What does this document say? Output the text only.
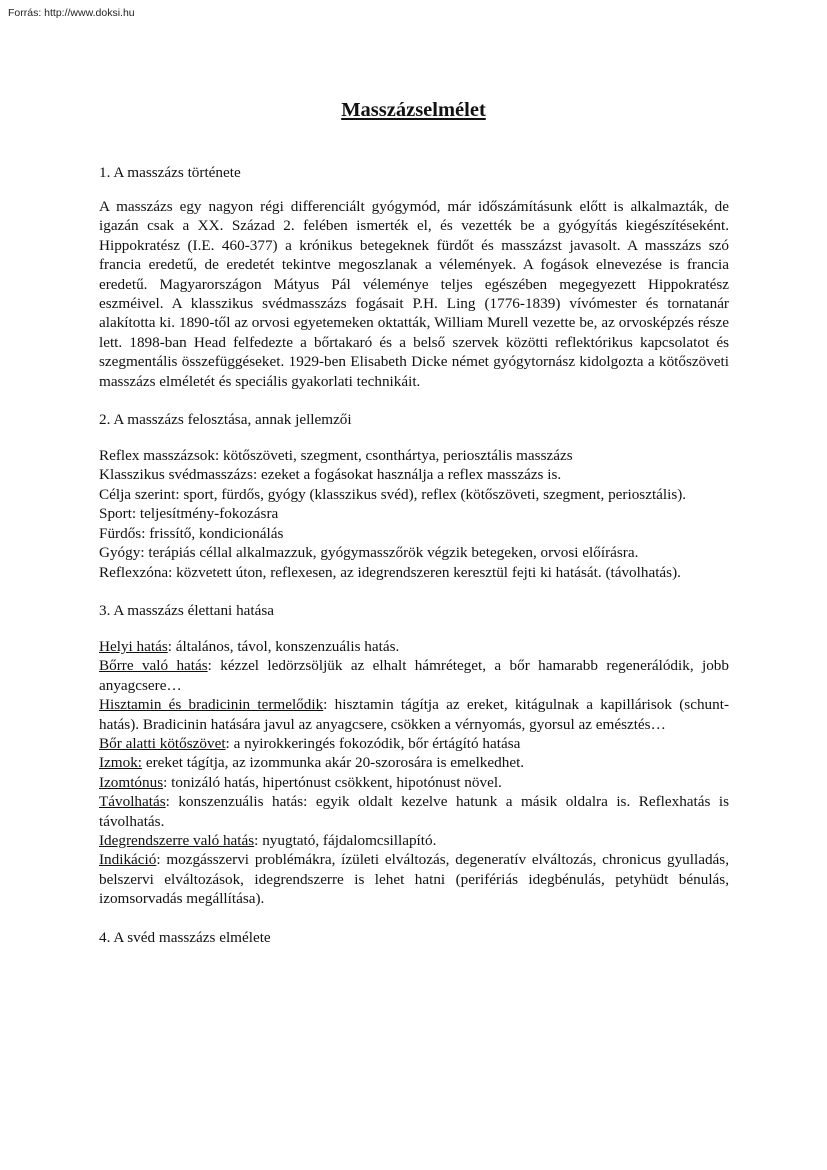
Forrás: http://www.doksi.hu
Masszázselmélet

1. A masszázs története

A masszázs egy nagyon régi differenciált gyógymód, már időszámításunk előtt is alkalmazták, de igazán csak a XX. Század 2. felében ismerték el, és vezették be a gyógyítás kiegészítéseként. Hippokratész (I.E. 460-377) a krónikus betegeknek fürdőt és masszázst javasolt. A masszázs szó francia eredetű, de eredetét tekintve megoszlanak a vélemények. A fogások elnevezése is francia eredetű. Magyarországon Mátyus Pál véleménye teljes egészében megegyezett Hippokratész eszméivel. A klasszikus svédmasszázs fogásait P.H. Ling (1776-1839) vívómester és tornatanár alakította ki. 1890-től az orvosi egyetemeken oktatták, William Murell vezette be, az orvosképzés része lett. 1898-ban Head felfedezte a bőrtakaró és a belső szervek közötti reflektórikus kapcsolatot és szegmentális összefüggéseket. 1929-ben Elisabeth Dicke német gyógytornász kidolgozta a kötőszöveti masszázs elméletét és speciális gyakorlati technikáit.

2. A masszázs felosztása, annak jellemzői

Reflex masszázsok: kötőszöveti, szegment, csonthártya, periosztális masszázs

Klasszikus svédmasszázs: ezeket a fogásokat használja a reflex masszázs is.

Célja szerint: sport, fürdős, gyógy (klasszikus svéd), reflex (kötőszöveti, szegment, periosztális).

Sport: teljesítmény-fokozásra

Fürdős: frissítő, kondicionálás

Gyógy: terápiás céllal alkalmazzuk, gyógymasszőrök végzik betegeken, orvosi előírásra.

Reflexzóna: közvetett úton, reflexesen, az idegrendszeren keresztül fejti ki hatását. (távolhatás).

3. A masszázs élettani hatása

Helyi hatás: általános, távol, konszenzuális hatás.

Bőrre való hatás: kézzel ledörzsöljük az elhalt hámréteget, a bőr hamarabb regenerálódik, jobb anyagcsere…

Hisztamin és bradicinin termelődik: hisztamin tágítja az ereket, kitágulnak a kapillárisok (schunt-hatás). Bradicinin hatására javul az anyagcsere, csökken a vérnyomás, gyorsul az emésztés…

Bőr alatti kötőszövet: a nyirokkeringés fokozódik, bőr értágító hatása

Izmok: ereket tágítja, az izommunka akár 20-szorosára is emelkedhet.

Izomtónus: tonizáló hatás, hipertónust csökkent, hipotónust növel.

Távolhatás: konszenzuális hatás: egyik oldalt kezelve hatunk a másik oldalra is. Reflexhatás is távolhatás.

Idegrendszerre való hatás: nyugtató, fájdalomcsillapító.

Indikáció: mozgásszervi problémákra, ízületi elváltozás, degeneratív elváltozás, chronicus gyulladás, belszervi elváltozások, idegrendszerre is lehet hatni (perifériás idegbénulás, petyhüdt bénulás, izomsorvadás megállítása).

4. A svéd masszázs elmélete
